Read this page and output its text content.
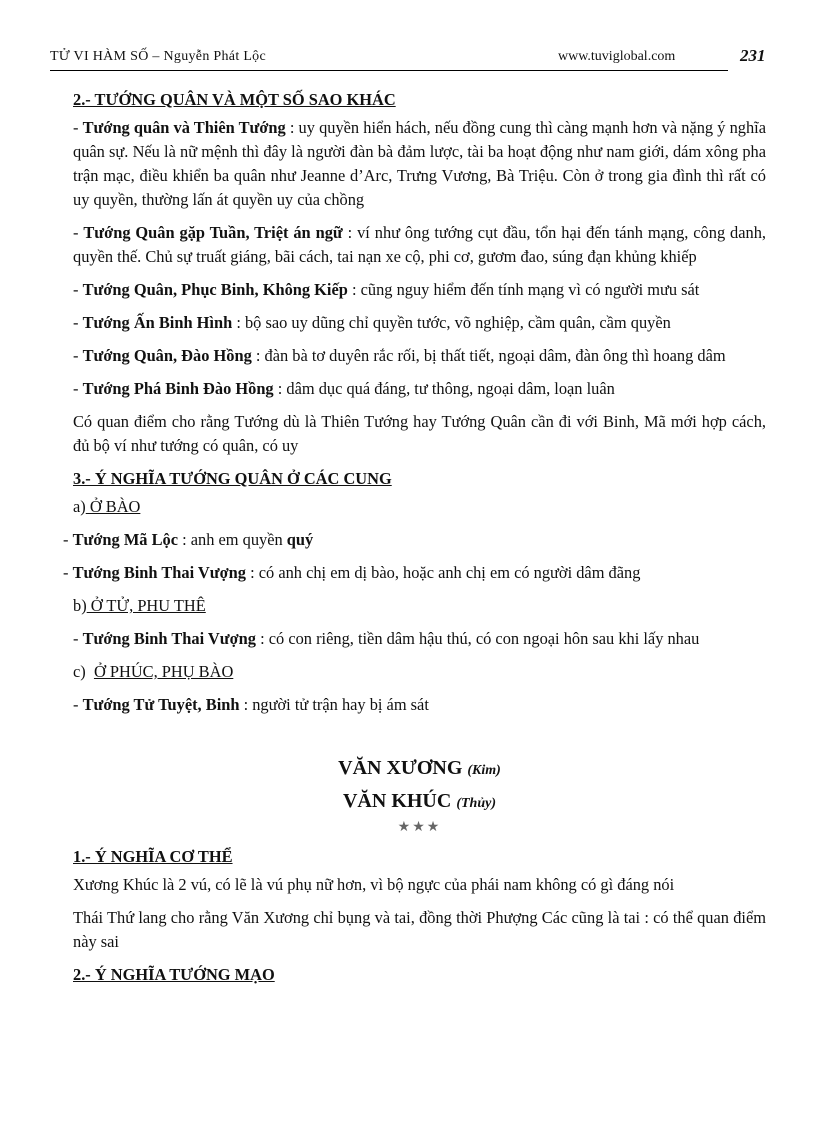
TỬ VI HÀM SỐ – Nguyễn Phát Lộc	www.tuviglobal.com	231
2.- TƯỚNG QUÂN VÀ MỘT SỐ SAO KHÁC

- Tướng quân và Thiên Tướng : uy quyền hiển hách, nếu đồng cung thì càng mạnh hơn và nặng ý nghĩa quân sự. Nếu là nữ mệnh thì đây là người đàn bà đảm lược, tài ba hoạt động như nam giới, dám xông pha trận mạc, điều khiển ba quân như Jeanne d’Arc, Trưng Vương, Bà Triệu. Còn ở trong gia đình thì rất có uy quyền, thường lấn át quyền uy của chồng

- Tướng Quân gặp Tuần, Triệt án ngữ : ví như ông tướng cụt đầu, tổn hại đến tánh mạng, công danh, quyền thế. Chủ sự truất giáng, bãi cách, tai nạn xe cộ, phi cơ, gươm đao, súng đạn khủng khiếp

- Tướng Quân, Phục Binh, Không Kiếp : cũng nguy hiểm đến tính mạng vì có người mưu sát

- Tướng Ấn Binh Hình : bộ sao uy dũng chỉ quyền tước, võ nghiệp, cầm quân, cầm quyền

- Tướng Quân, Đào Hồng : đàn bà tơ duyên rắc rối, bị thất tiết, ngoại dâm, đàn ông thì hoang dâm

- Tướng Phá Binh Đào Hồng : dâm dục quá đáng, tư thông, ngoại dâm, loạn luân

Có quan điểm cho rằng Tướng dù là Thiên Tướng hay Tướng Quân cần đi với Binh, Mã mới hợp cách, đủ bộ ví như tướng có quân, có uy

3.- Ý NGHĨA TƯỚNG QUÂN Ở CÁC CUNG

a) Ở BÀO

- Tướng Mã Lộc : anh em quyền quý

- Tướng Binh Thai Vượng : có anh chị em dị bào, hoặc anh chị em có người dâm đãng

b) Ở TỬ, PHU THÊ

- Tướng Binh Thai Vượng : có con riêng, tiền dâm hậu thú, có con ngoại hôn sau khi lấy nhau

c) Ở PHÚC, PHỤ BÀO

- Tướng Tử Tuyệt, Binh : người tử trận hay bị ám sát

VĂN XƯƠNG (Kim)
VĂN KHÚC (Thủy)
★★★
1.- Ý NGHĨA CƠ THỂ

Xương Khúc là 2 vú, có lẽ là vú phụ nữ hơn, vì bộ ngực của phái nam không có gì đáng nói

Thái Thứ lang cho rằng Văn Xương chỉ bụng và tai, đồng thời Phượng Các cũng là tai : có thể quan điểm này sai

2.- Ý NGHĨA TƯỚNG MẠO
